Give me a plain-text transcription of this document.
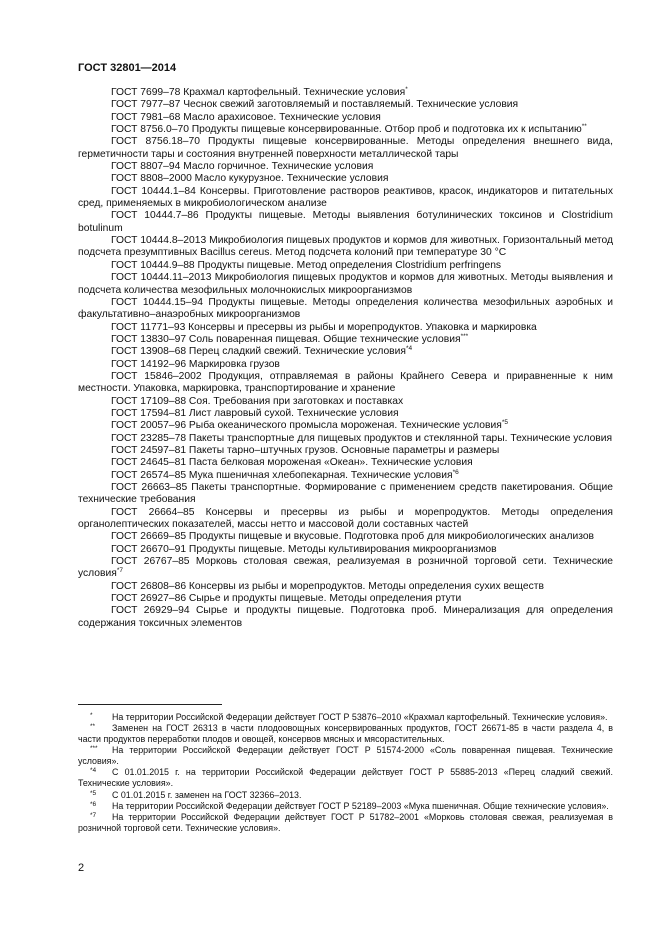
ГОСТ 32801—2014
ГОСТ 7699–78 Крахмал картофельный. Технические условия*
ГОСТ 7977–87 Чеснок свежий заготовляемый и поставляемый. Технические условия
ГОСТ 7981–68 Масло арахисовое. Технические условия
ГОСТ 8756.0–70 Продукты пищевые консервированные. Отбор проб и подготовка их к испытанию**
ГОСТ 8756.18–70 Продукты пищевые консервированные. Методы определения внешнего вида, герметичности тары и состояния внутренней поверхности металлической тары
ГОСТ 8807–94 Масло горчичное. Технические условия
ГОСТ 8808–2000 Масло кукурузное. Технические условия
ГОСТ 10444.1–84 Консервы. Приготовление растворов реактивов, красок, индикаторов и питательных сред, применяемых в микробиологическом анализе
ГОСТ 10444.7–86 Продукты пищевые. Методы выявления ботулинических токсинов и Clostridium botulinum
ГОСТ 10444.8–2013 Микробиология пищевых продуктов и кормов для животных. Горизонтальный метод подсчета презумптивных Bacillus cereus. Метод подсчета колоний при температуре 30 °С
ГОСТ 10444.9–88 Продукты пищевые. Метод определения Clostridium perfringens
ГОСТ 10444.11–2013 Микробиология пищевых продуктов и кормов для животных. Методы выявления и подсчета количества мезофильных молочнокислых микроорганизмов
ГОСТ 10444.15–94 Продукты пищевые. Методы определения количества мезофильных аэробных и факультативно–анаэробных микроорганизмов
ГОСТ 11771–93 Консервы и пресервы из рыбы и морепродуктов. Упаковка и маркировка
ГОСТ 13830–97 Соль поваренная пищевая. Общие технические условия***
ГОСТ 13908–68 Перец сладкий свежий. Технические условия$^{*4}$
ГОСТ 14192–96 Маркировка грузов
ГОСТ 15846–2002 Продукция, отправляемая в районы Крайнего Севера и приравненные к ним местности. Упаковка, маркировка, транспортирование и хранение
ГОСТ 17109–88 Соя. Требования при заготовках и поставках
ГОСТ 17594–81 Лист лавровый сухой. Технические условия
ГОСТ 20057–96 Рыба океанического промысла мороженая. Технические условия$^{*5}$
ГОСТ 23285–78 Пакеты транспортные для пищевых продуктов и стеклянной тары. Технические условия
ГОСТ 24597–81 Пакеты тарно–штучных грузов. Основные параметры и размеры
ГОСТ 24645–81 Паста белковая мороженая «Океан». Технические условия
ГОСТ 26574–85 Мука пшеничная хлебопекарная. Технические условия$^{*6}$
ГОСТ 26663–85 Пакеты транспортные. Формирование с применением средств пакетирования. Общие технические требования
ГОСТ 26664–85 Консервы и пресервы из рыбы и морепродуктов. Методы определения органолептических показателей, массы нетто и массовой доли составных частей
ГОСТ 26669–85 Продукты пищевые и вкусовые. Подготовка проб для микробиологических анализов
ГОСТ 26670–91 Продукты пищевые. Методы культивирования микроорганизмов
ГОСТ 26767–85 Морковь столовая свежая, реализуемая в розничной торговой сети. Технические условия$^{*7}$
ГОСТ 26808–86 Консервы из рыбы и морепродуктов. Методы определения сухих веществ
ГОСТ 26927–86 Сырье и продукты пищевые. Методы определения ртути
ГОСТ 26929–94 Сырье и продукты пищевые. Подготовка проб. Минерализация для определения содержания токсичных элементов
* На территории Российской Федерации действует ГОСТ Р 53876–2010 «Крахмал картофельный. Технические условия».
** Заменен на ГОСТ 26313 в части плодоовощных консервированных продуктов, ГОСТ 26671-85 в части раздела 4, в части продуктов переработки плодов и овощей, консервов мясных и мясорастительных.
*** На территории Российской Федерации действует ГОСТ Р 51574-2000 «Соль поваренная пищевая. Технические условия».
*4 С 01.01.2015 г. на территории Российской Федерации действует ГОСТ Р 55885-2013 «Перец сладкий свежий. Технические условия».
*5 С 01.01.2015 г. заменен на ГОСТ 32366–2013.
*6 На территории Российской Федерации действует ГОСТ Р 52189–2003 «Мука пшеничная. Общие технические условия».
*7 На территории Российской Федерации действует ГОСТ Р 51782–2001 «Морковь столовая свежая, реализуемая в розничной торговой сети. Технические условия».
2
